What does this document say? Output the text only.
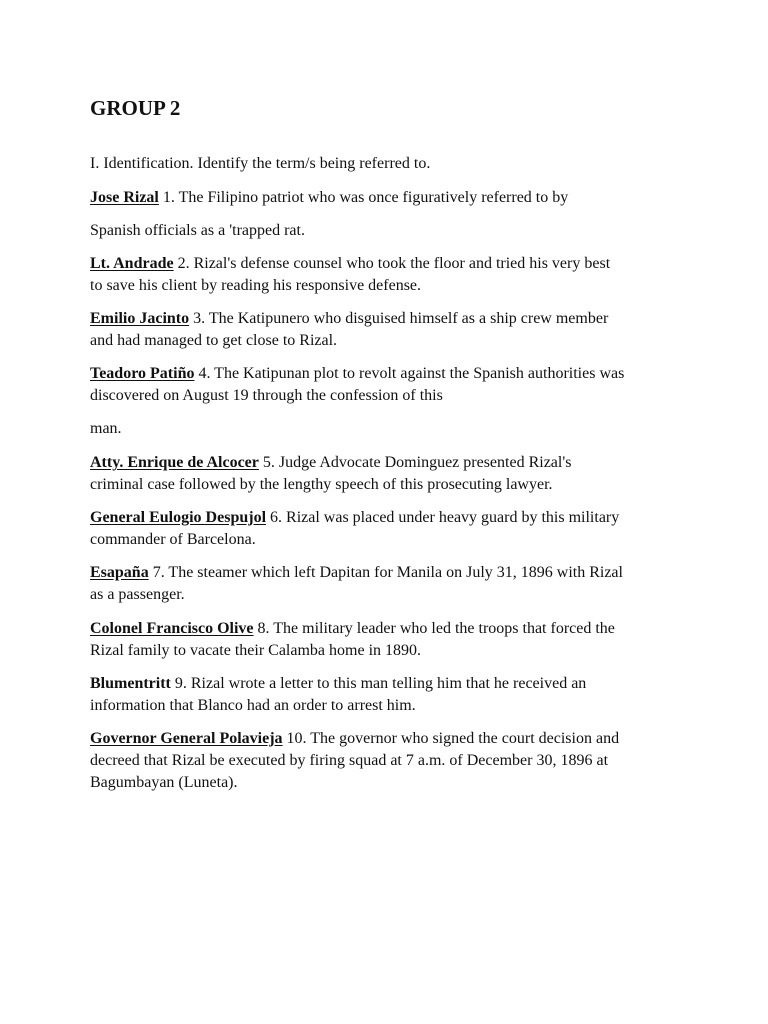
GROUP 2

I. Identification. Identify the term/s being referred to.

Jose Rizal 1. The Filipino patriot who was once figuratively referred to by
Spanish officials as a 'trapped rat.

Lt. Andrade 2. Rizal's defense counsel who took the floor and tried his very best
to save his client by reading his responsive defense.

Emilio Jacinto 3. The Katipunero who disguised himself as a ship crew member
and had managed to get close to Rizal.

Teadoro Patiño 4. The Katipunan plot to revolt against the Spanish authorities was
discovered on August 19 through the confession of this
man.

Atty. Enrique de Alcocer 5. Judge Advocate Dominguez presented Rizal's
criminal case followed by the lengthy speech of this prosecuting lawyer.

General Eulogio Despujol 6. Rizal was placed under heavy guard by this military
commander of Barcelona.

Esapaña 7. The steamer which left Dapitan for Manila on July 31, 1896 with Rizal
as a passenger.

Colonel Francisco Olive 8. The military leader who led the troops that forced the
Rizal family to vacate their Calamba home in 1890.

Blumentritt 9. Rizal wrote a letter to this man telling him that he received an
information that Blanco had an order to arrest him.

Governor General Polavieja 10. The governor who signed the court decision and
decreed that Rizal be executed by firing squad at 7 a.m. of December 30, 1896 at
Bagumbayan (Luneta).
